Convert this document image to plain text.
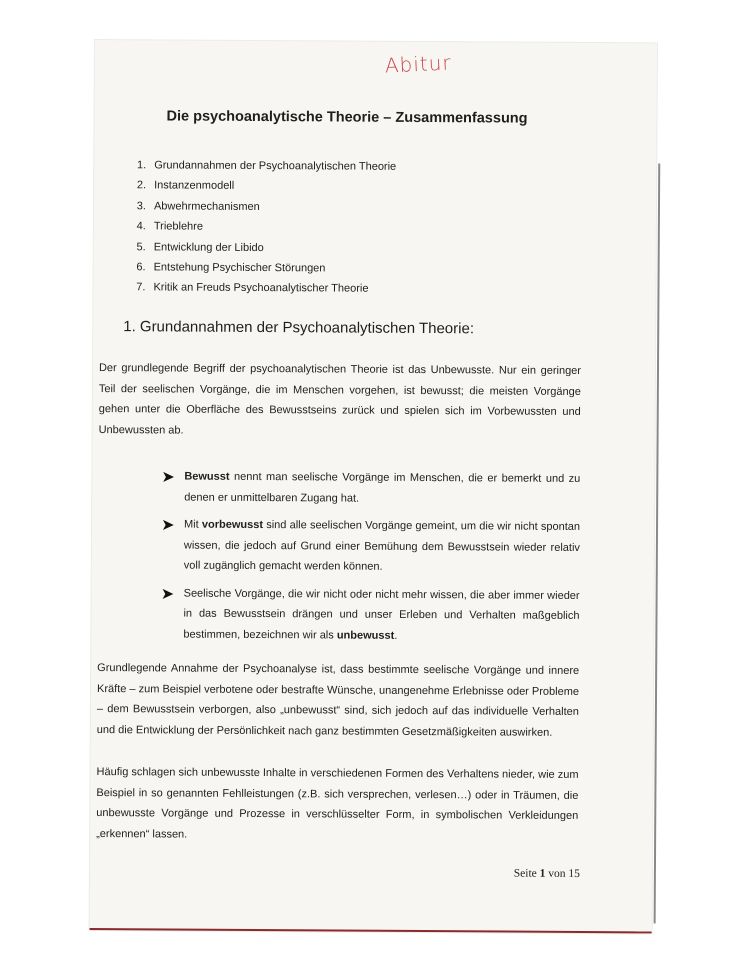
Abitur
Die psychoanalytische Theorie – Zusammenfassung
1. Grundannahmen der Psychoanalytischen Theorie
2. Instanzenmodell
3. Abwehrmechanismen
4. Trieblehre
5. Entwicklung der Libido
6. Entstehung Psychischer Störungen
7. Kritik an Freuds Psychoanalytischer Theorie
1. Grundannahmen der Psychoanalytischen Theorie:

Der grundlegende Begriff der psychoanalytischen Theorie ist das Unbewusste. Nur ein geringer Teil der seelischen Vorgänge, die im Menschen vorgehen, ist bewusst; die meisten Vorgänge gehen unter die Oberfläche des Bewusstseins zurück und spielen sich im Vorbewussten und Unbewussten ab.

➤ Bewusst nennt man seelische Vorgänge im Menschen, die er bemerkt und zu denen er unmittelbaren Zugang hat.
➤ Mit vorbewusst sind alle seelischen Vorgänge gemeint, um die wir nicht spontan wissen, die jedoch auf Grund einer Bemühung dem Bewusstsein wieder relativ voll zugänglich gemacht werden können.
➤ Seelische Vorgänge, die wir nicht oder nicht mehr wissen, die aber immer wieder in das Bewusstsein drängen und unser Erleben und Verhalten maßgeblich bestimmen, bezeichnen wir als unbewusst.

Grundlegende Annahme der Psychoanalyse ist, dass bestimmte seelische Vorgänge und innere Kräfte – zum Beispiel verbotene oder bestrafte Wünsche, unangenehme Erlebnisse oder Probleme – dem Bewusstsein verborgen, also „unbewusst“ sind, sich jedoch auf das individuelle Verhalten und die Entwicklung der Persönlichkeit nach ganz bestimmten Gesetzmäßigkeiten auswirken.

Häufig schlagen sich unbewusste Inhalte in verschiedenen Formen des Verhaltens nieder, wie zum Beispiel in so genannten Fehlleistungen (z.B. sich versprechen, verlesen…) oder in Träumen, die unbewusste Vorgänge und Prozesse in verschlüsselter Form, in symbolischen Verkleidungen „erkennen“ lassen.

Seite 1 von 15
